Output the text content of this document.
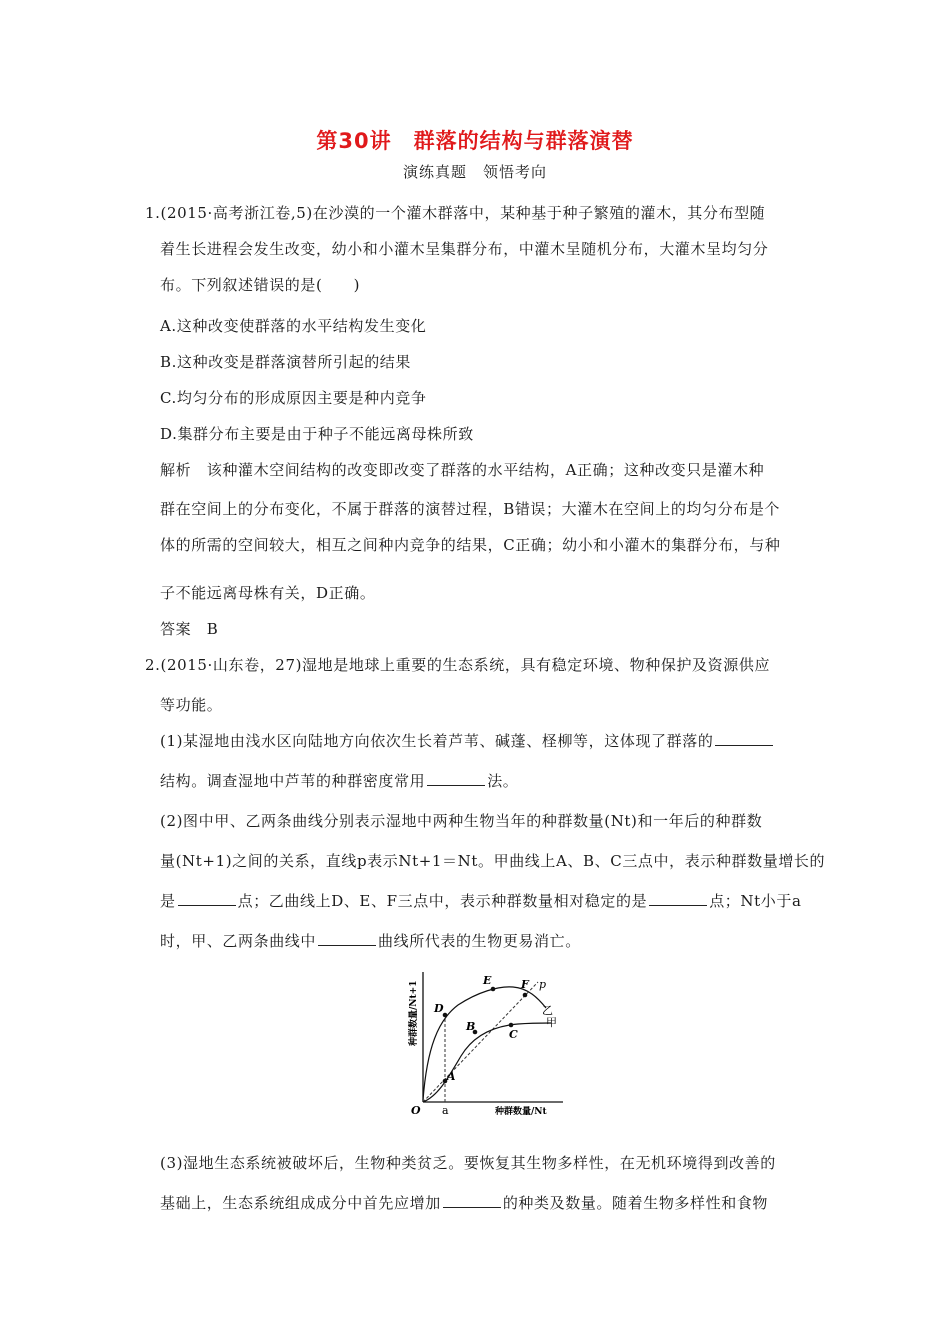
第30讲　群落的结构与群落演替
演练真题　领悟考向
1.(2015·高考浙江卷,5)在沙漠的一个灌木群落中，某种基于种子繁殖的灌木，其分布型随
着生长进程会发生改变，幼小和小灌木呈集群分布，中灌木呈随机分布，大灌木呈均匀分
布。下列叙述错误的是(　　)
A.这种改变使群落的水平结构发生变化
B.这种改变是群落演替所引起的结果
C.均匀分布的形成原因主要是种内竞争
D.集群分布主要是由于种子不能远离母株所致
解析　该种灌木空间结构的改变即改变了群落的水平结构，A正确；这种改变只是灌木种
群在空间上的分布变化，不属于群落的演替过程，B错误；大灌木在空间上的均匀分布是个
体的所需的空间较大，相互之间种内竞争的结果，C正确；幼小和小灌木的集群分布，与种
子不能远离母株有关，D正确。
答案　B
2.(2015·山东卷，27)湿地是地球上重要的生态系统，具有稳定环境、物种保护及资源供应
等功能。
(1)某湿地由浅水区向陆地方向依次生长着芦苇、碱蓬、柽柳等，这体现了群落的
结构。调查湿地中芦苇的种群密度常用	法。
(2)图中甲、乙两条曲线分别表示湿地中两种生物当年的种群数量(Nt)和一年后的种群数
量(Nt+1)之间的关系，直线p表示Nt+1＝Nt。甲曲线上A、B、C三点中，表示种群数量增长的
是	点；乙曲线上D、E、F三点中，表示种群数量相对稳定的是	点；Nt小于a
时，甲、乙两条曲线中	曲线所代表的生物更易消亡。
A
B
C
D
E	F p
乙
甲
O a	种群数量/Nt
种群数量/Nt+1
(3)湿地生态系统被破坏后，生物种类贫乏。要恢复其生物多样性，在无机环境得到改善的
基础上，生态系统组成成分中首先应增加	的种类及数量。随着生物多样性和食物
